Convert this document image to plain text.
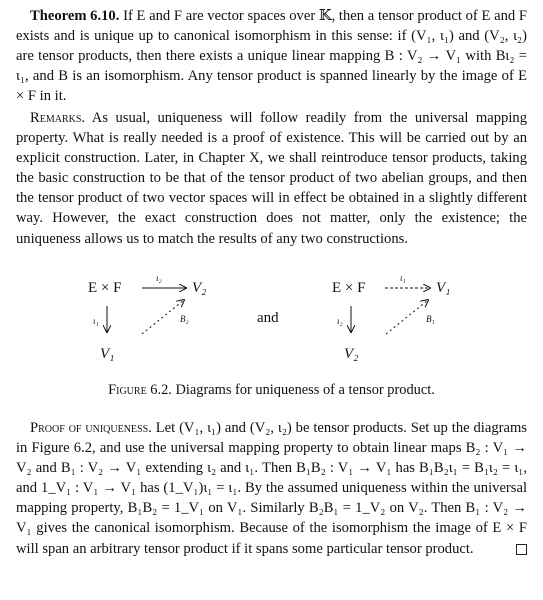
Theorem 6.10. If E and F are vector spaces over 𝕂, then a tensor product of E and F exists and is unique up to canonical isomorphism in this sense: if (V₁, ι₁) and (V₂, ι₂) are tensor products, then there exists a unique linear mapping B : V₂ → V₁ with Bι₂ = ι₁, and B is an isomorphism. Any tensor product is spanned linearly by the image of E × F in it.

Remarks. As usual, uniqueness will follow readily from the universal mapping property. What is really needed is a proof of existence. This will be carried out by an explicit construction. Later, in Chapter X, we shall reintroduce tensor products, taking the basic construction to be that of the tensor product of two abelian groups, and then the tensor product of two vector spaces will in effect be obtained in a slightly different way. However, the exact construction does not matter, only the existence; the uniqueness allows us to match the results of any two constructions.

E × F
ι₂
V₂
ι₁
V₁
B₂	and
E × F
ι₁
V₁
ι₂
V₂
B₁
Figure 6.2. Diagrams for uniqueness of a tensor product.

Proof of uniqueness. Let (V₁, ι₁) and (V₂, ι₂) be tensor products. Set up the diagrams in Figure 6.2, and use the universal mapping property to obtain linear maps B₂ : V₁ → V₂ and B₁ : V₂ → V₁ extending ι₂ and ι₁. Then B₁B₂ : V₁ → V₁ has B₁B₂ι₁ = B₁ι₂ = ι₁, and 1_V₁ : V₁ → V₁ has (1_V₁)ι₁ = ι₁. By the assumed uniqueness within the universal mapping property, B₁B₂ = 1_V₁ on V₁. Similarly B₂B₁ = 1_V₂ on V₂. Then B₁ : V₂ → V₁ gives the canonical isomorphism. Because of the isomorphism the image of E × F will span an arbitrary tensor product if it spans some particular tensor product.
